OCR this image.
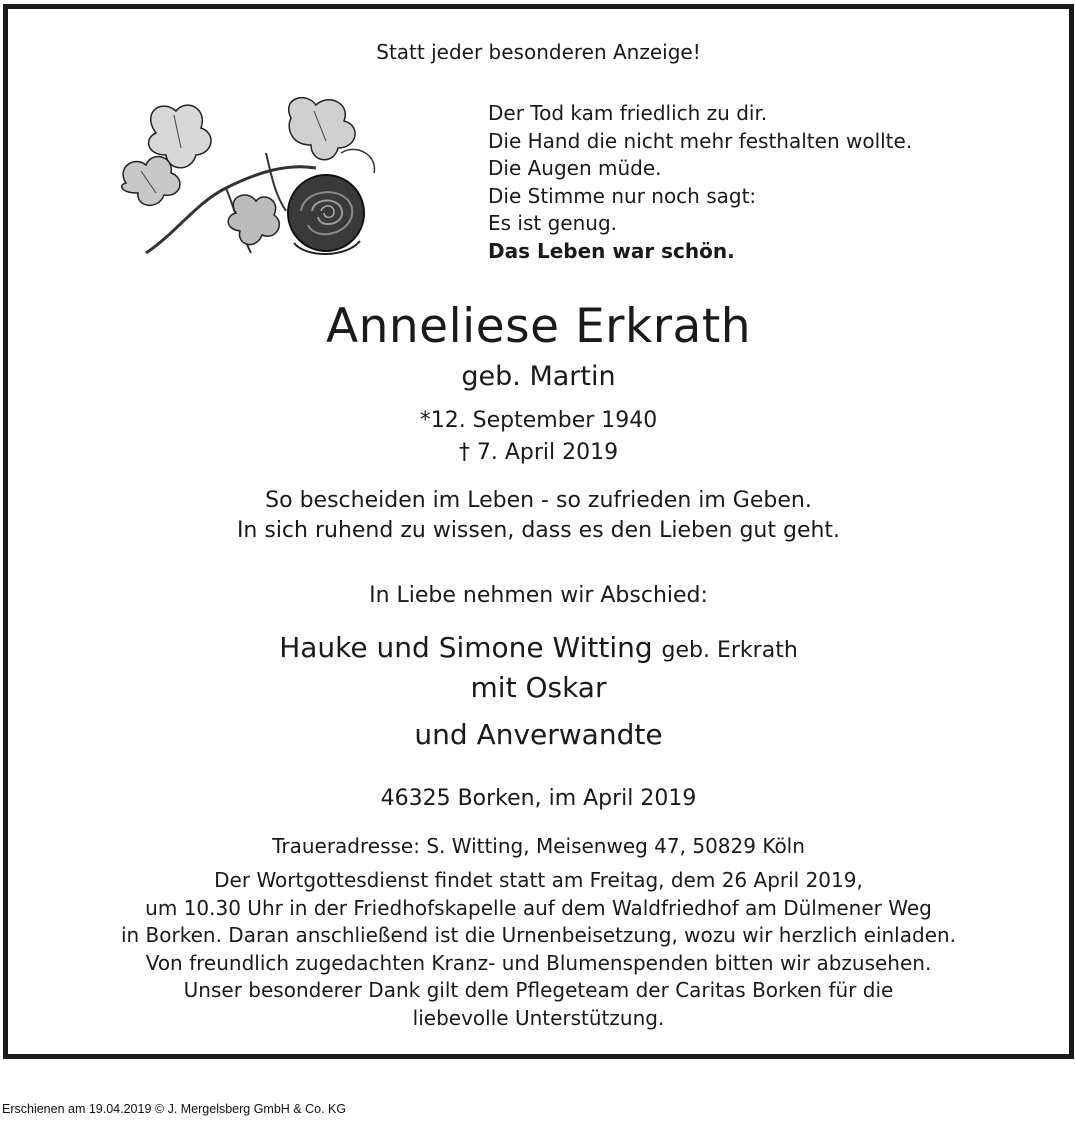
Statt jeder besonderen Anzeige!
Der Tod kam friedlich zu dir.
Die Hand die nicht mehr festhalten wollte.
Die Augen müde.
Die Stimme nur noch sagt:
Es ist genug.
Das Leben war schön.
Anneliese Erkrath
geb. Martin
*12. September 1940
† 7. April 2019
So bescheiden im Leben - so zufrieden im Geben.
In sich ruhend zu wissen, dass es den Lieben gut geht.
In Liebe nehmen wir Abschied:
Hauke und Simone Witting geb. Erkrath
mit Oskar
und Anverwandte
46325 Borken, im April 2019
Traueradresse: S. Witting, Meisenweg 47, 50829 Köln
Der Wortgottesdienst findet statt am Freitag, dem 26 April 2019,
um 10.30 Uhr in der Friedhofskapelle auf dem Waldfriedhof am Dülmener Weg
in Borken. Daran anschließend ist die Urnenbeisetzung, wozu wir herzlich einladen.
Von freundlich zugedachten Kranz- und Blumenspenden bitten wir abzusehen.
Unser besonderer Dank gilt dem Pflegeteam der Caritas Borken für die
liebevolle Unterstützung.
Erschienen am 19.04.2019 © J. Mergelsberg GmbH & Co. KG
